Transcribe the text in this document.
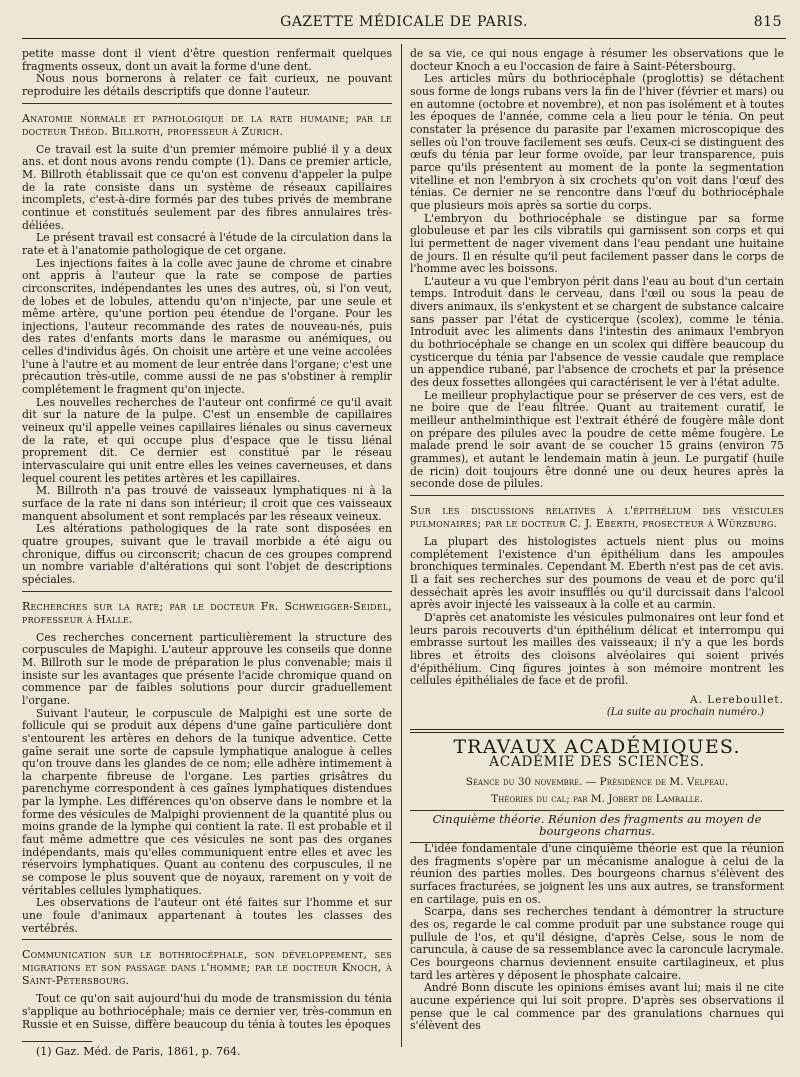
GAZETTE MÉDICALE DE PARIS.	815

petite masse dont il vient d'être question renfermait quelques fragments osseux, dont un avait la forme d'une dent.

Nous nous bornerons à relater ce fait curieux, ne pouvant reproduire les détails descriptifs que donne l'auteur.

Anatomie normale et pathologique de la rate humaine; par le docteur Théod. Billroth, professeur à Zurich.

Ce travail est la suite d'un premier mémoire publié il y a deux ans. et dont nous avons rendu compte (1). Dans ce premier article, M. Billroth établissait que ce qu'on est convenu d'appeler la pulpe de la rate consiste dans un système de réseaux capillaires incomplets, c'est-à-dire formés par des tubes privés de membrane continue et constitués seulement par des fibres annulaires très-déliées.

Le présent travail est consacré à l'étude de la circulation dans la rate et à l'anatomie pathologique de cet organe.

Les injections faites à la colle avec jaune de chrome et cinabre ont appris à l'auteur que la rate se compose de parties circonscrites, indépendantes les unes des autres, où, si l'on veut, de lobes et de lobules, attendu qu'on n'injecte, par une seule et même artère, qu'une portion peu étendue de l'organe. Pour les injections, l'auteur recommande des rates de nouveau-nés, puis des rates d'enfants morts dans le marasme ou anémiques, ou celles d'individus âgés. On choisit une artère et une veine accolées l'une à l'autre et au moment de leur entrée dans l'organe; c'est une précaution très-utile, comme aussi de ne pas s'obstiner à remplir complétement le fragment qu'on injecte.

Les nouvelles recherches de l'auteur ont confirmé ce qu'il avait dit sur la nature de la pulpe. C'est un ensemble de capillaires veineux qu'il appelle veines capillaires liénales ou sinus caverneux de la rate, et qui occupe plus d'espace que le tissu liénal proprement dit. Ce dernier est constitué par le réseau intervasculaire qui unit entre elles les veines caverneuses, et dans lequel courent les petites artères et les capillaires.

M. Billroth n'a pas trouvé de vaisseaux lymphatiques ni à la surface de la rate ni dans son intérieur; il croit que ces vaisseaux manquent absolument et sont remplacés par les réseaux veineux.

Les altérations pathologiques de la rate sont disposées en quatre groupes, suivant que le travail morbide a été aigu ou chronique, diffus ou circonscrit; chacun de ces groupes comprend un nombre variable d'altérations qui sont l'objet de descriptions spéciales.

Recherches sur la rate; par le docteur Fr. Schweigger-Seidel, professeur à Halle.

Ces recherches concernent particulièrement la structure des corpuscules de Mapighi. L'auteur approuve les conseils que donne M. Billroth sur le mode de préparation le plus convenable; mais il insiste sur les avantages que présente l'acide chromique quand on commence par de faibles solutions pour durcir graduellement l'organe.

Suivant l'auteur, le corpuscule de Malpighi est une sorte de follicule qui se produit aux dépens d'une gaîne particulière dont s'entourent les artères en dehors de la tunique adventice. Cette gaîne serait une sorte de capsule lymphatique analogue à celles qu'on trouve dans les glandes de ce nom; elle adhère intimement à la charpente fibreuse de l'organe. Les parties grisâtres du parenchyme correspondent à ces gaînes lymphatiques distendues par la lymphe. Les différences qu'on observe dans le nombre et la forme des vésicules de Malpighi proviennent de la quantité plus ou moins grande de la lymphe qui contient la rate. Il est probable et il faut même admettre que ces vésicules ne sont pas des organes indépendants, mais qu'elles communiquent entre elles et avec les réservoirs lymphatiques. Quant au contenu des corpuscules, il ne se compose le plus souvent que de noyaux, rarement on y voit de véritables cellules lymphatiques.

Les observations de l'auteur ont été faites sur l'homme et sur une foule d'animaux appartenant à toutes les classes des vertébrés.

Communication sur le bothriocéphale, son développement, ses migrations et son passage dans l'homme; par le docteur Knoch, à Saint-Pétersbourg.

Tout ce qu'on sait aujourd'hui du mode de transmission du ténia s'applique au bothriocéphale; mais ce dernier ver, très-commun en Russie et en Suisse, diffère beaucoup du ténia à toutes les époques

(1) Gaz. Méd. de Paris, 1861, p. 764.

de sa vie, ce qui nous engage à résumer les observations que le docteur Knoch a eu l'occasion de faire à Saint-Pétersbourg.

Les articles mûrs du bothriocéphale (proglottis) se détachent sous forme de longs rubans vers la fin de l'hiver (février et mars) ou en automne (octobre et novembre), et non pas isolément et à toutes les époques de l'année, comme cela a lieu pour le ténia. On peut constater la présence du parasite par l'examen microscopique des selles où l'on trouve facilement ses œufs. Ceux-ci se distinguent des œufs du ténia par leur forme ovoïde, par leur transparence, puis parce qu'ils présentent au moment de la ponte la segmentation vitelline et non l'embryon à six crochets qu'on voit dans l'œuf des ténias. Ce dernier ne se rencontre dans l'œuf du bothriocéphale que plusieurs mois après sa sortie du corps.

L'embryon du bothriocéphale se distingue par sa forme globuleuse et par les cils vibratils qui garnissent son corps et qui lui permettent de nager vivement dans l'eau pendant une huitaine de jours. Il en résulte qu'il peut facilement passer dans le corps de l'homme avec les boissons.

L'auteur a vu que l'embryon périt dans l'eau au bout d'un certain temps. Introduit dans le cerveau, dans l'œil ou sous la peau de divers animaux, ils s'enkystent et se chargent de substance calcaire sans passer par l'état de cysticerque (scolex), comme le ténia. Introduit avec les aliments dans l'intestin des animaux l'embryon du bothriocéphale se change en un scolex qui diffère beaucoup du cysticerque du ténia par l'absence de vessie caudale que remplace un appendice rubané, par l'absence de crochets et par la présence des deux fossettes allongées qui caractérisent le ver à l'état adulte.

Le meilleur prophylactique pour se préserver de ces vers, est de ne boire que de l'eau filtrée. Quant au traitement curatif, le meilleur anthelminthique est l'extrait éthéré de fougère mâle dont on prépare des pilules avec la poudre de cette même fougère. Le malade prend le soir avant de se coucher 15 grains (environ 75 grammes), et autant le lendemain matin à jeun. Le purgatif (huile de ricin) doit toujours être donné une ou deux heures après la seconde dose de pilules.

Sur les discussions relatives à l'épithélium des vésicules pulmonaires; par le docteur C. J. Eberth, prosecteur à Würzburg.

La plupart des histologistes actuels nient plus ou moins complétement l'existence d'un épithélium dans les ampoules bronchiques terminales. Cependant M. Eberth n'est pas de cet avis. Il a fait ses recherches sur des poumons de veau et de porc qu'il desséchait après les avoir insufflés ou qu'il durcissait dans l'alcool après avoir injecté les vaisseaux à la colle et au carmin.

D'après cet anatomiste les vésicules pulmonaires ont leur fond et leurs parois recouverts d'un épithélium délicat et interrompu qui embrasse surtout les mailles des vaisseaux; il n'y a que les bords libres et étroits des cloisons alvéolaires qui soient privés d'épithélium. Cinq figures jointes à son mémoire montrent les cellules épithéliales de face et de profil.

A. Lereboullet.
(La suite au prochain numéro.)
TRAVAUX ACADÉMIQUES.
ACADÉMIE DES SCIENCES.
Séance du 30 novembre. — Présidence de M. Velpeau.
Théories du cal; par M. Jobert de Lamballe.
Cinquième théorie. Réunion des fragments au moyen de bourgeons charnus.

L'idée fondamentale d'une cinquième théorie est que la réunion des fragments s'opère par un mécanisme analogue à celui de la réunion des parties molles. Des bourgeons charnus s'élèvent des surfaces fracturées, se joignent les uns aux autres, se transforment en cartilage, puis en os.

Scarpa, dans ses recherches tendant à démontrer la structure des os, regarde le cal comme produit par une substance rouge qui pullule de l'os, et qu'il désigne, d'après Celse, sous le nom de caruncula, à cause de sa ressemblance avec la caroncule lacrymale. Ces bourgeons charnus deviennent ensuite cartilagineux, et plus tard les artères y déposent le phosphate calcaire.

André Bonn discute les opinions émises avant lui; mais il ne cite aucune expérience qui lui soit propre. D'après ses observations il pense que le cal commence par des granulations charnues qui s'élèvent des
